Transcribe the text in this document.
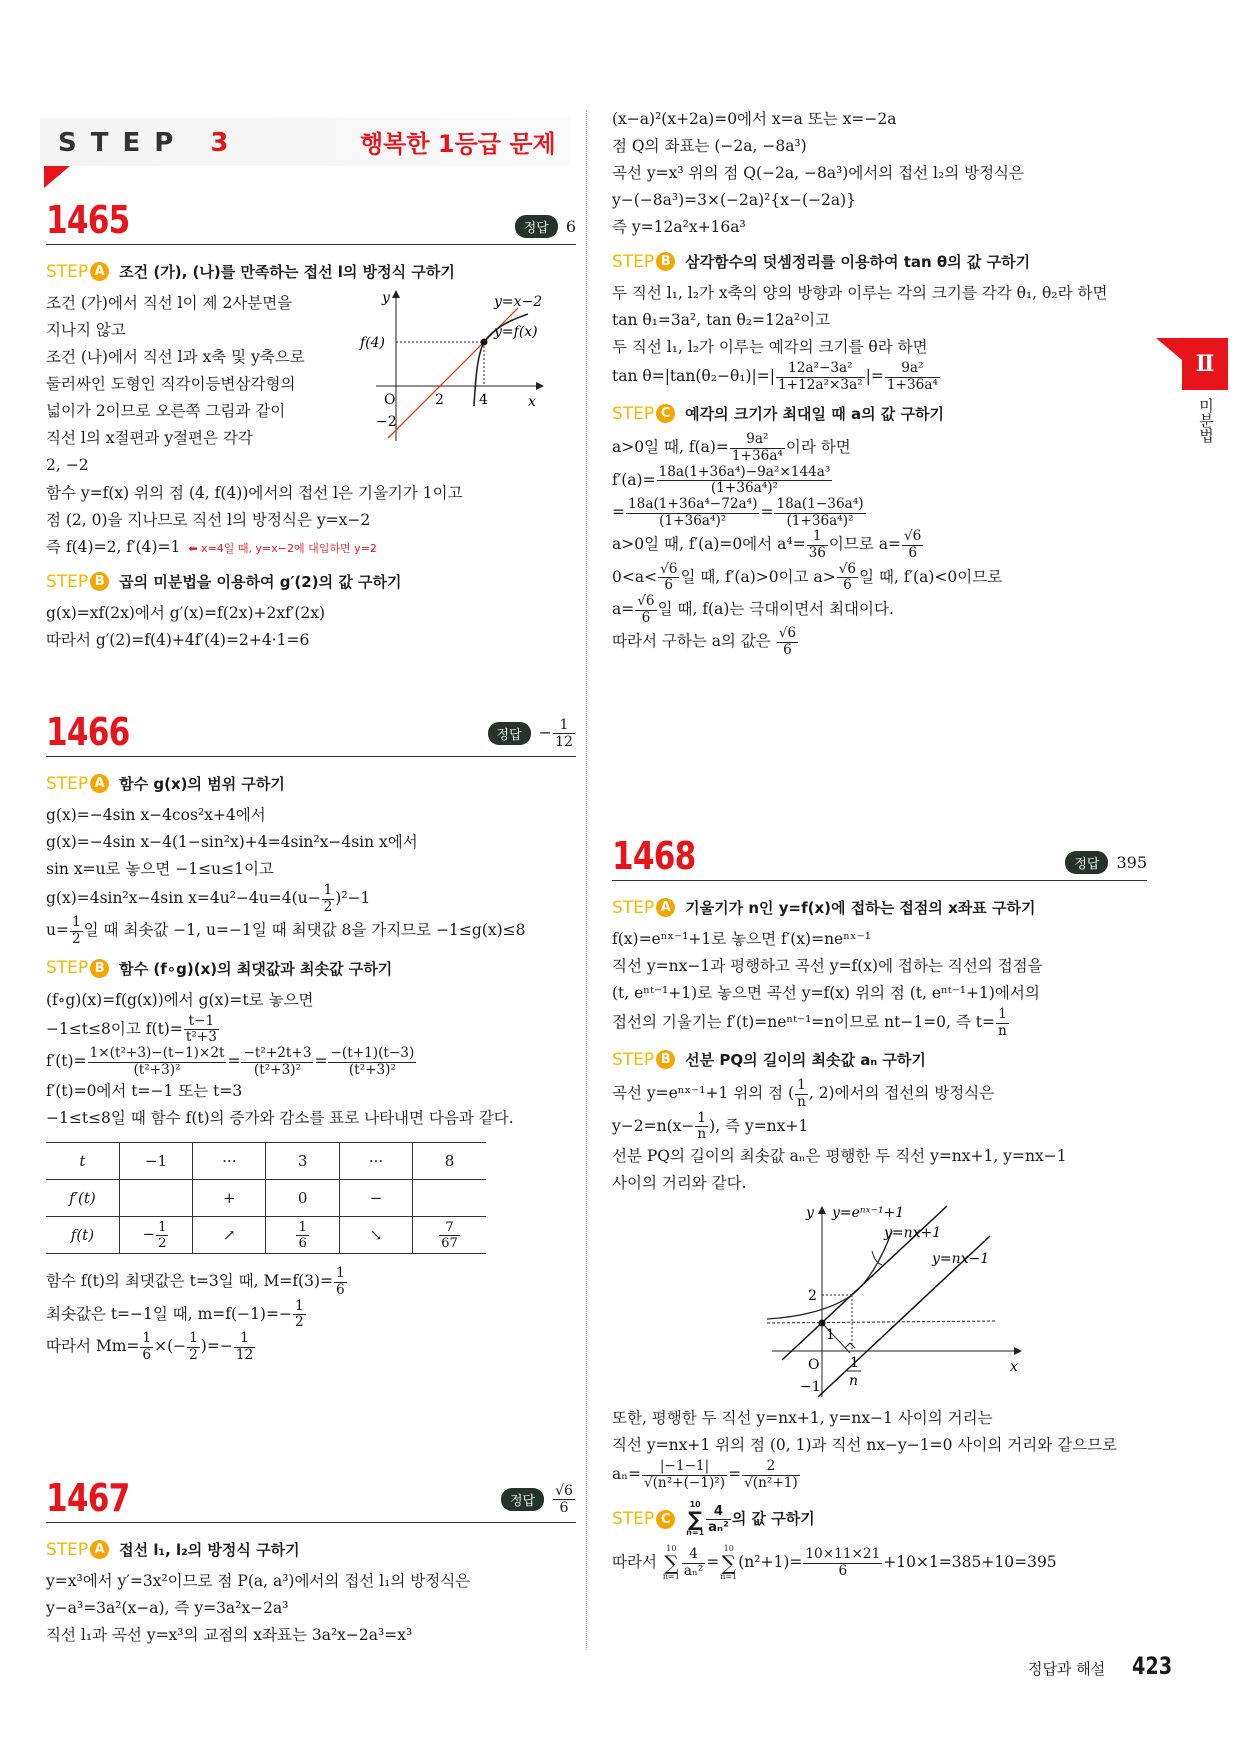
STEP 3	행복한 1등급 문제
Ⅱ
미분법
1465	정답	6
STEP A 조건 (가), (나)를 만족하는 접선 l의 방정식 구하기
조건 (가)에서 직선 l이 제 2사분면을
지나지 않고
조건 (나)에서 직선 l과 x축 및 y축으로
둘러싸인 도형인 직각이등변삼각형의
넓이가 2이므로 오른쪽 그림과 같이
직선 l의 x절편과 y절편은 각각
2, −2
y
x
O	2	4
−2
f(4)
y=x−2
y=f(x)
함수 y=f(x) 위의 점 (4, f(4))에서의 접선 l은 기울기가 1이고
점 (2, 0)을 지나므로 직선 l의 방정식은 y=x−2
즉 f(4)=2, f′(4)=1 ⬅ x=4일 때, y=x−2에 대입하면 y=2
STEP B 곱의 미분법을 이용하여 g′(2)의 값 구하기
g(x)=xf(2x)에서 g′(x)=f(2x)+2xf′(2x)
따라서 g′(2)=f(4)+4f′(4)=2+4·1=6
1466	정답	− $\frac{1}{12}$
STEP A 함수 g(x)의 범위 구하기
g(x)=−4sin x−4cos²x+4에서
g(x)=−4sin x−4(1−sin²x)+4=4sin²x−4sin x에서
sin x=u로 놓으면 −1≤u≤1이고
g(x)=4sin²x−4sin $x=4u^2-4u=4(u- \frac{1}{2} )^2-1$
$u= \frac{1}{2}$ 일 때 최솟값 −1, u=−1일 때 최댓값 8을 가지므로 −1≤g(x)≤8
STEP B 함수 (f∘g)(x)의 최댓값과 최솟값 구하기
(f∘g)(x)=f(g(x))에서 g(x)=t로 놓으면
−1≤t≤8이고 $f(t)= \frac{t-1}{\text{t²+3}}$
$f'(t)= \frac{\text{1×(t²+3)−(t−1)×2t}}{\text{(t²+3)²}} = \frac{\text{−t²+2t+3}}{\text{(t²+3)²}} = \frac{-(t+1)(t-3)}{\text{(t²+3)²}}$
f′(t)=0에서 t=−1 또는 t=3
−1≤t≤8일 때 함수 f(t)의 증가와 감소를 표로 나타내면 다음과 같다.
t	−1	···	3	···	8
f′(t)		+	0	−	
f(t)	− $\frac{1}{2}$	↗	$\frac{1}{6}$	↘	$\frac{7}{67}$
함수 f(t)의 최댓값은 t=3일 때, $M=f(3)= \frac{1}{6}$
최솟값은 t=−1일 때, $m=f(-1)=- \frac{1}{2}$
따라서 $Mm= \frac{1}{6}$ ×(− $\frac{1}{2}$ )=− $\frac{1}{12}$
1467	정답	$\frac{√6}{6}$
STEP A 접선 l₁, l₂의 방정식 구하기
y=x³에서 y′=3x²이므로 점 P(a, a³)에서의 접선 l₁의 방정식은
y−a³=3a²(x−a), 즉 y=3a²x−2a³
직선 l₁과 곡선 y=x³의 교점의 x좌표는 3a²x−2a³=x³
(x−a)²(x+2a)=0에서 x=a 또는 x=−2a
점 Q의 좌표는 (−2a, −8a³)
곡선 y=x³ 위의 점 Q(−2a, −8a³)에서의 접선 l₂의 방정식은
y−(−8a³)=3×(−2a)²{x−(−2a)}
즉 y=12a²x+16a³
STEP B 삼각함수의 덧셈정리를 이용하여 tan θ의 값 구하기
두 직선 l₁, l₂가 x축의 양의 방향과 이루는 각의 크기를 각각 θ₁, θ₂라 하면
tan θ₁=3a², tan θ₂=12a²이고
두 직선 l₁, l₂가 이루는 예각의 크기를 θ라 하면
$\tan \theta=|\tan(\theta_2-\theta_1)|=| \frac{\text{12a²−3a²}}{\text{1+12a²×3a²}}$ |= $\frac{\text{9a²}}{\text{1+36a⁴}}$
STEP C 예각의 크기가 최대일 때 a의 값 구하기
a>0일 때, $f(a)= \frac{\text{9a²}}{\text{1+36a⁴}}$ 이라 하면
$f'(a)= \frac{\text{18a(1+36a⁴)−9a²×144a³}}{\text{(1+36a⁴)²}}$
= $\frac{\text{18a(1+36a⁴−72a⁴)}}{\text{(1+36a⁴)²}} = \frac{\text{18a(1−36a⁴)}}{\text{(1+36a⁴)²}}$
a>0일 때, f′(a)=0에서 $a^4= \frac{1}{36}$ 이므로 $a= \frac{√6}{6}$
$0<a< \frac{√6}{6}$ 일 때, f′(a)>0이고 $a> \frac{√6}{6}$ 일 때, f′(a)<0이므로
$a= \frac{√6}{6}$ 일 때, f(a)는 극대이면서 최대이다.
따라서 구하는 a의 값은 $\frac{√6}{6}$
1468	정답	395
STEP A 기울기가 n인 y=f(x)에 접하는 접점의 x좌표 구하기
f(x)=eⁿˣ⁻¹+1로 놓으면 f′(x)=neⁿˣ⁻¹
직선 y=nx−1과 평행하고 곡선 y=f(x)에 접하는 직선의 접점을
(t, eⁿᵗ⁻¹+1)로 놓으면 곡선 y=f(x) 위의 점 (t, eⁿᵗ⁻¹+1)에서의
접선의 기울기는 f′(t)=neⁿᵗ⁻¹=n이므로 nt−1=0, 즉 $t= \frac{1}{n}$
STEP B 선분 PQ의 길이의 최솟값 aₙ 구하기
곡선 y=eⁿˣ⁻¹+1 위의 점 ( $\frac{1}{n}$ , 2)에서의 접선의 방정식은
$y-2=n(x- \frac{1}{n}$ ), 즉 y=nx+1
선분 PQ의 길이의 최솟값 aₙ은 평행한 두 직선 y=nx+1, y=nx−1
사이의 거리와 같다.
y
x
O
2
1
−1
1
n
y=eⁿˣ⁻¹+1
y=nx+1
y=nx−1
또한, 평행한 두 직선 y=nx+1, y=nx−1 사이의 거리는
직선 y=nx+1 위의 점 (0, 1)과 직선 nx−y−1=0 사이의 거리와 같으므로
$a_n= \frac{|-1-1|}{\text{√(n²+(−1)²)}} = \frac{2}{\text{√(n²+1)}}$
STEP C
10
∑
$n=1 \frac{4}{\text{aₙ²}}$ 의 값 구하기
따라서
10
∑
$n=1 \frac{4}{\text{aₙ²}}$ =
10
∑
n=1
$(n^2+1)= \frac{10\times 11\times 21}{6} +10\times 1=385+10=395$
정답과 해설 423
